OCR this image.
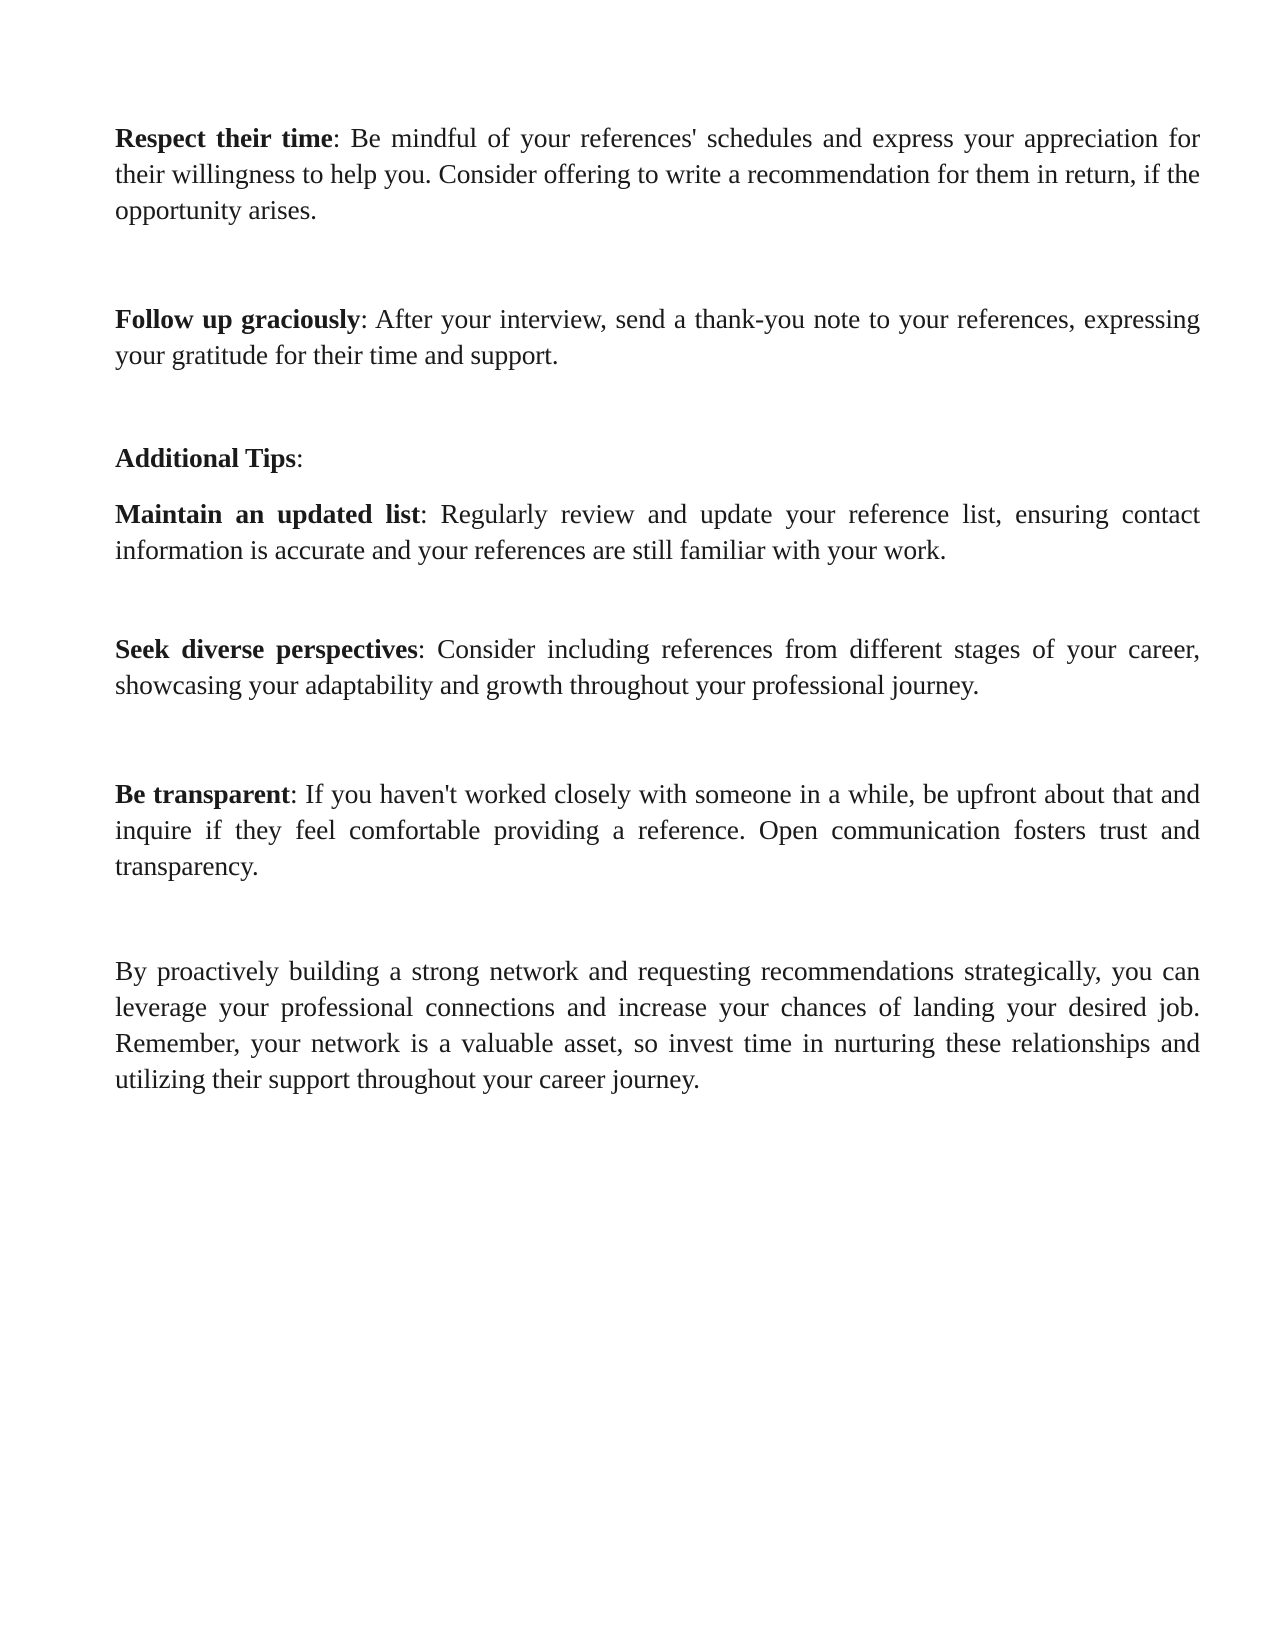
Respect their time: Be mindful of your references' schedules and express your appreciation for their willingness to help you. Consider offering to write a recommendation for them in return, if the opportunity arises.

Follow up graciously: After your interview, send a thank-you note to your references, expressing your gratitude for their time and support.

Additional Tips:

Maintain an updated list: Regularly review and update your reference list, ensuring contact information is accurate and your references are still familiar with your work.

Seek diverse perspectives: Consider including references from different stages of your career, showcasing your adaptability and growth throughout your professional journey.

Be transparent: If you haven't worked closely with someone in a while, be upfront about that and inquire if they feel comfortable providing a reference. Open communication fosters trust and transparency.

By proactively building a strong network and requesting recommendations strategically, you can leverage your professional connections and increase your chances of landing your desired job. Remember, your network is a valuable asset, so invest time in nurturing these relationships and utilizing their support throughout your career journey.
